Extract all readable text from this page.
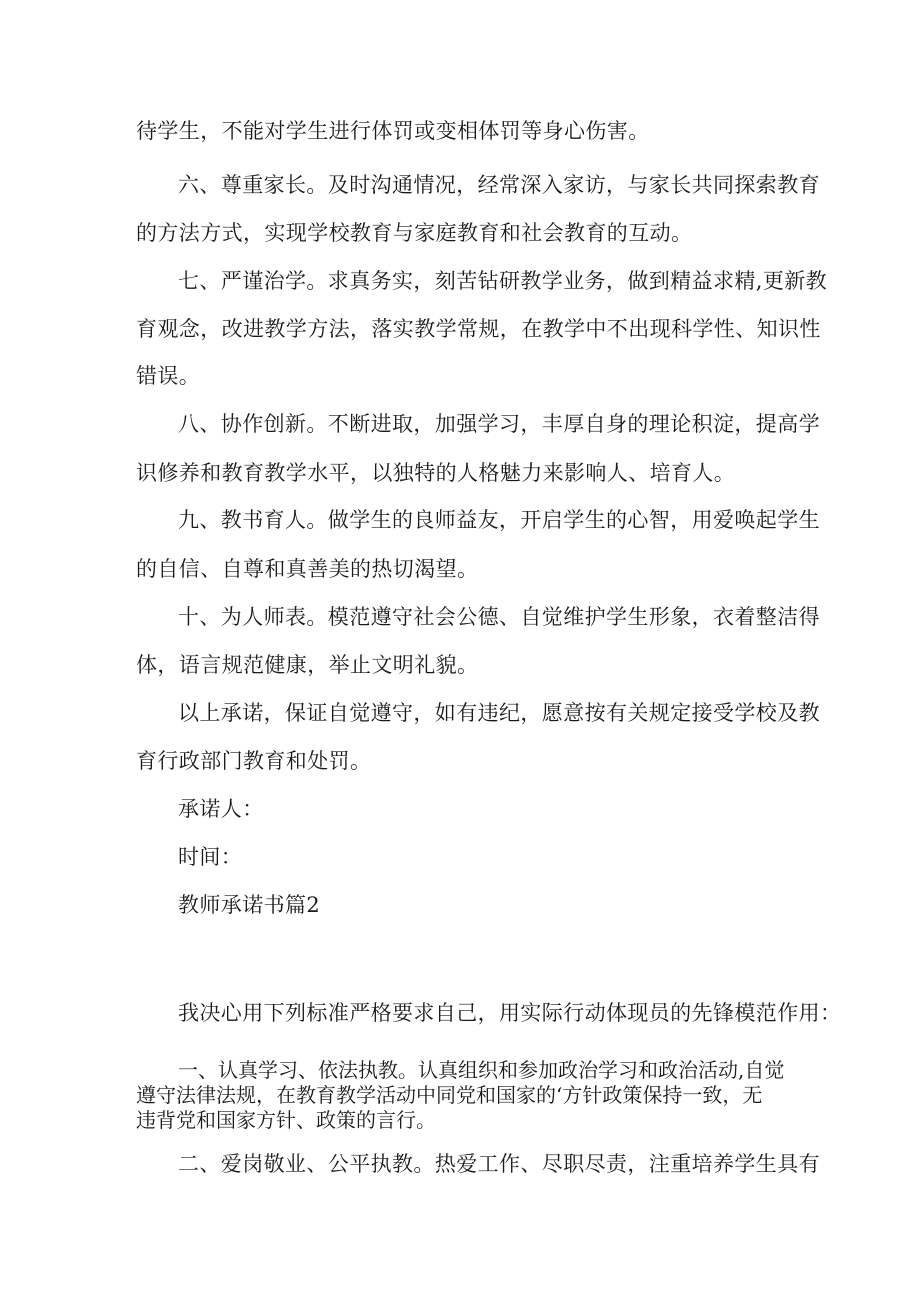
待学生，不能对学生进行体罚或变相体罚等身心伤害。
六、尊重家长。及时沟通情况，经常深入家访，与家长共同探索教育
的方法方式，实现学校教育与家庭教育和社会教育的互动。
七、严谨治学。求真务实，刻苦钻研教学业务，做到精益求精,更新教
育观念，改进教学方法，落实教学常规，在教学中不出现科学性、知识性
错误。
八、协作创新。不断进取，加强学习，丰厚自身的理论积淀，提高学
识修养和教育教学水平，以独特的人格魅力来影响人、培育人。
九、教书育人。做学生的良师益友，开启学生的心智，用爱唤起学生
的自信、自尊和真善美的热切渴望。
十、为人师表。模范遵守社会公德、自觉维护学生形象，衣着整洁得
体，语言规范健康，举止文明礼貌。
以上承诺，保证自觉遵守，如有违纪，愿意按有关规定接受学校及教
育行政部门教育和处罚。
承诺人：
时间：
教师承诺书篇2
我决心用下列标准严格要求自己，用实际行动体现员的先锋模范作用：
一、认真学习、依法执教。认真组织和参加政治学习和政治活动,自觉
遵守法律法规，在教育教学活动中同党和国家的‘方针政策保持一致，无
违背党和国家方针、政策的言行。
二、爱岗敬业、公平执教。热爱工作、尽职尽责，注重培养学生具有
